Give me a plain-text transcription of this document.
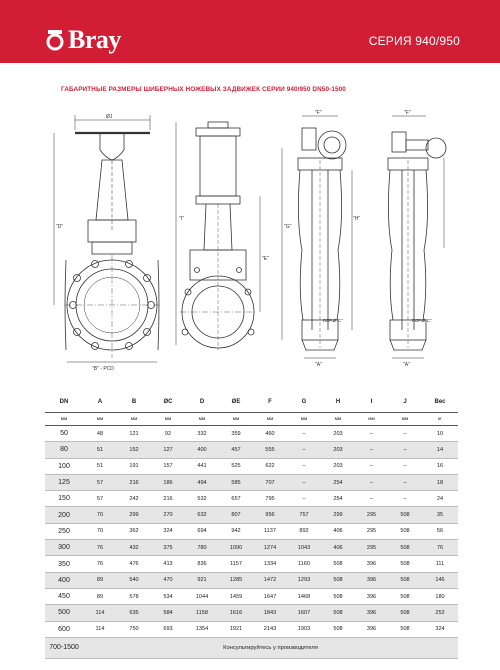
Bray	СЕРИЯ 940/950
ГАБАРИТНЫЕ РАЗМЕРЫ ШИБЕРНЫХ НОЖЕВЫХ ЗАДВИЖЕК СЕРИИ 940/950 DN50-1500
ØJ
"D"
"B" - PCD
"I"
"E"
"F"
"G"
"H"
REF.Ø"C"
"A"
"F"
REF.Ø"C"
"A"
DN	A	B	ØC	D	ØE	F	G	H	I	J	Вес
мм	мм	мм	мм	мм	мм	мм	мм	мм	мм	мм	кг
50	48	121	92	332	359	460	–	203	–	–	10
80	51	152	127	400	457	555	–	203	–	–	14
100	51	191	157	441	525	622	–	203	–	–	16
125	57	216	186	494	585	707	–	254	–	–	18
150	57	242	216	532	657	795	–	254	–	–	24
200	70	299	270	632	807	956	757	299	295	508	35
250	70	362	324	694	942	1137	892	406	295	508	56
300	76	432	375	780	1090	1274	1043	406	295	508	76
350	76	476	413	836	1157	1334	1160	508	396	508	111
400	89	540	470	921	1285	1472	1293	508	396	508	146
450	89	578	534	1044	1459	1647	1468	508	396	508	180
500	114	635	584	1158	1616	1843	1607	508	396	508	252
600	114	750	693	1354	1921	2143	1903	508	396	508	324
700-1500	Консультируйтесь у производителя										
